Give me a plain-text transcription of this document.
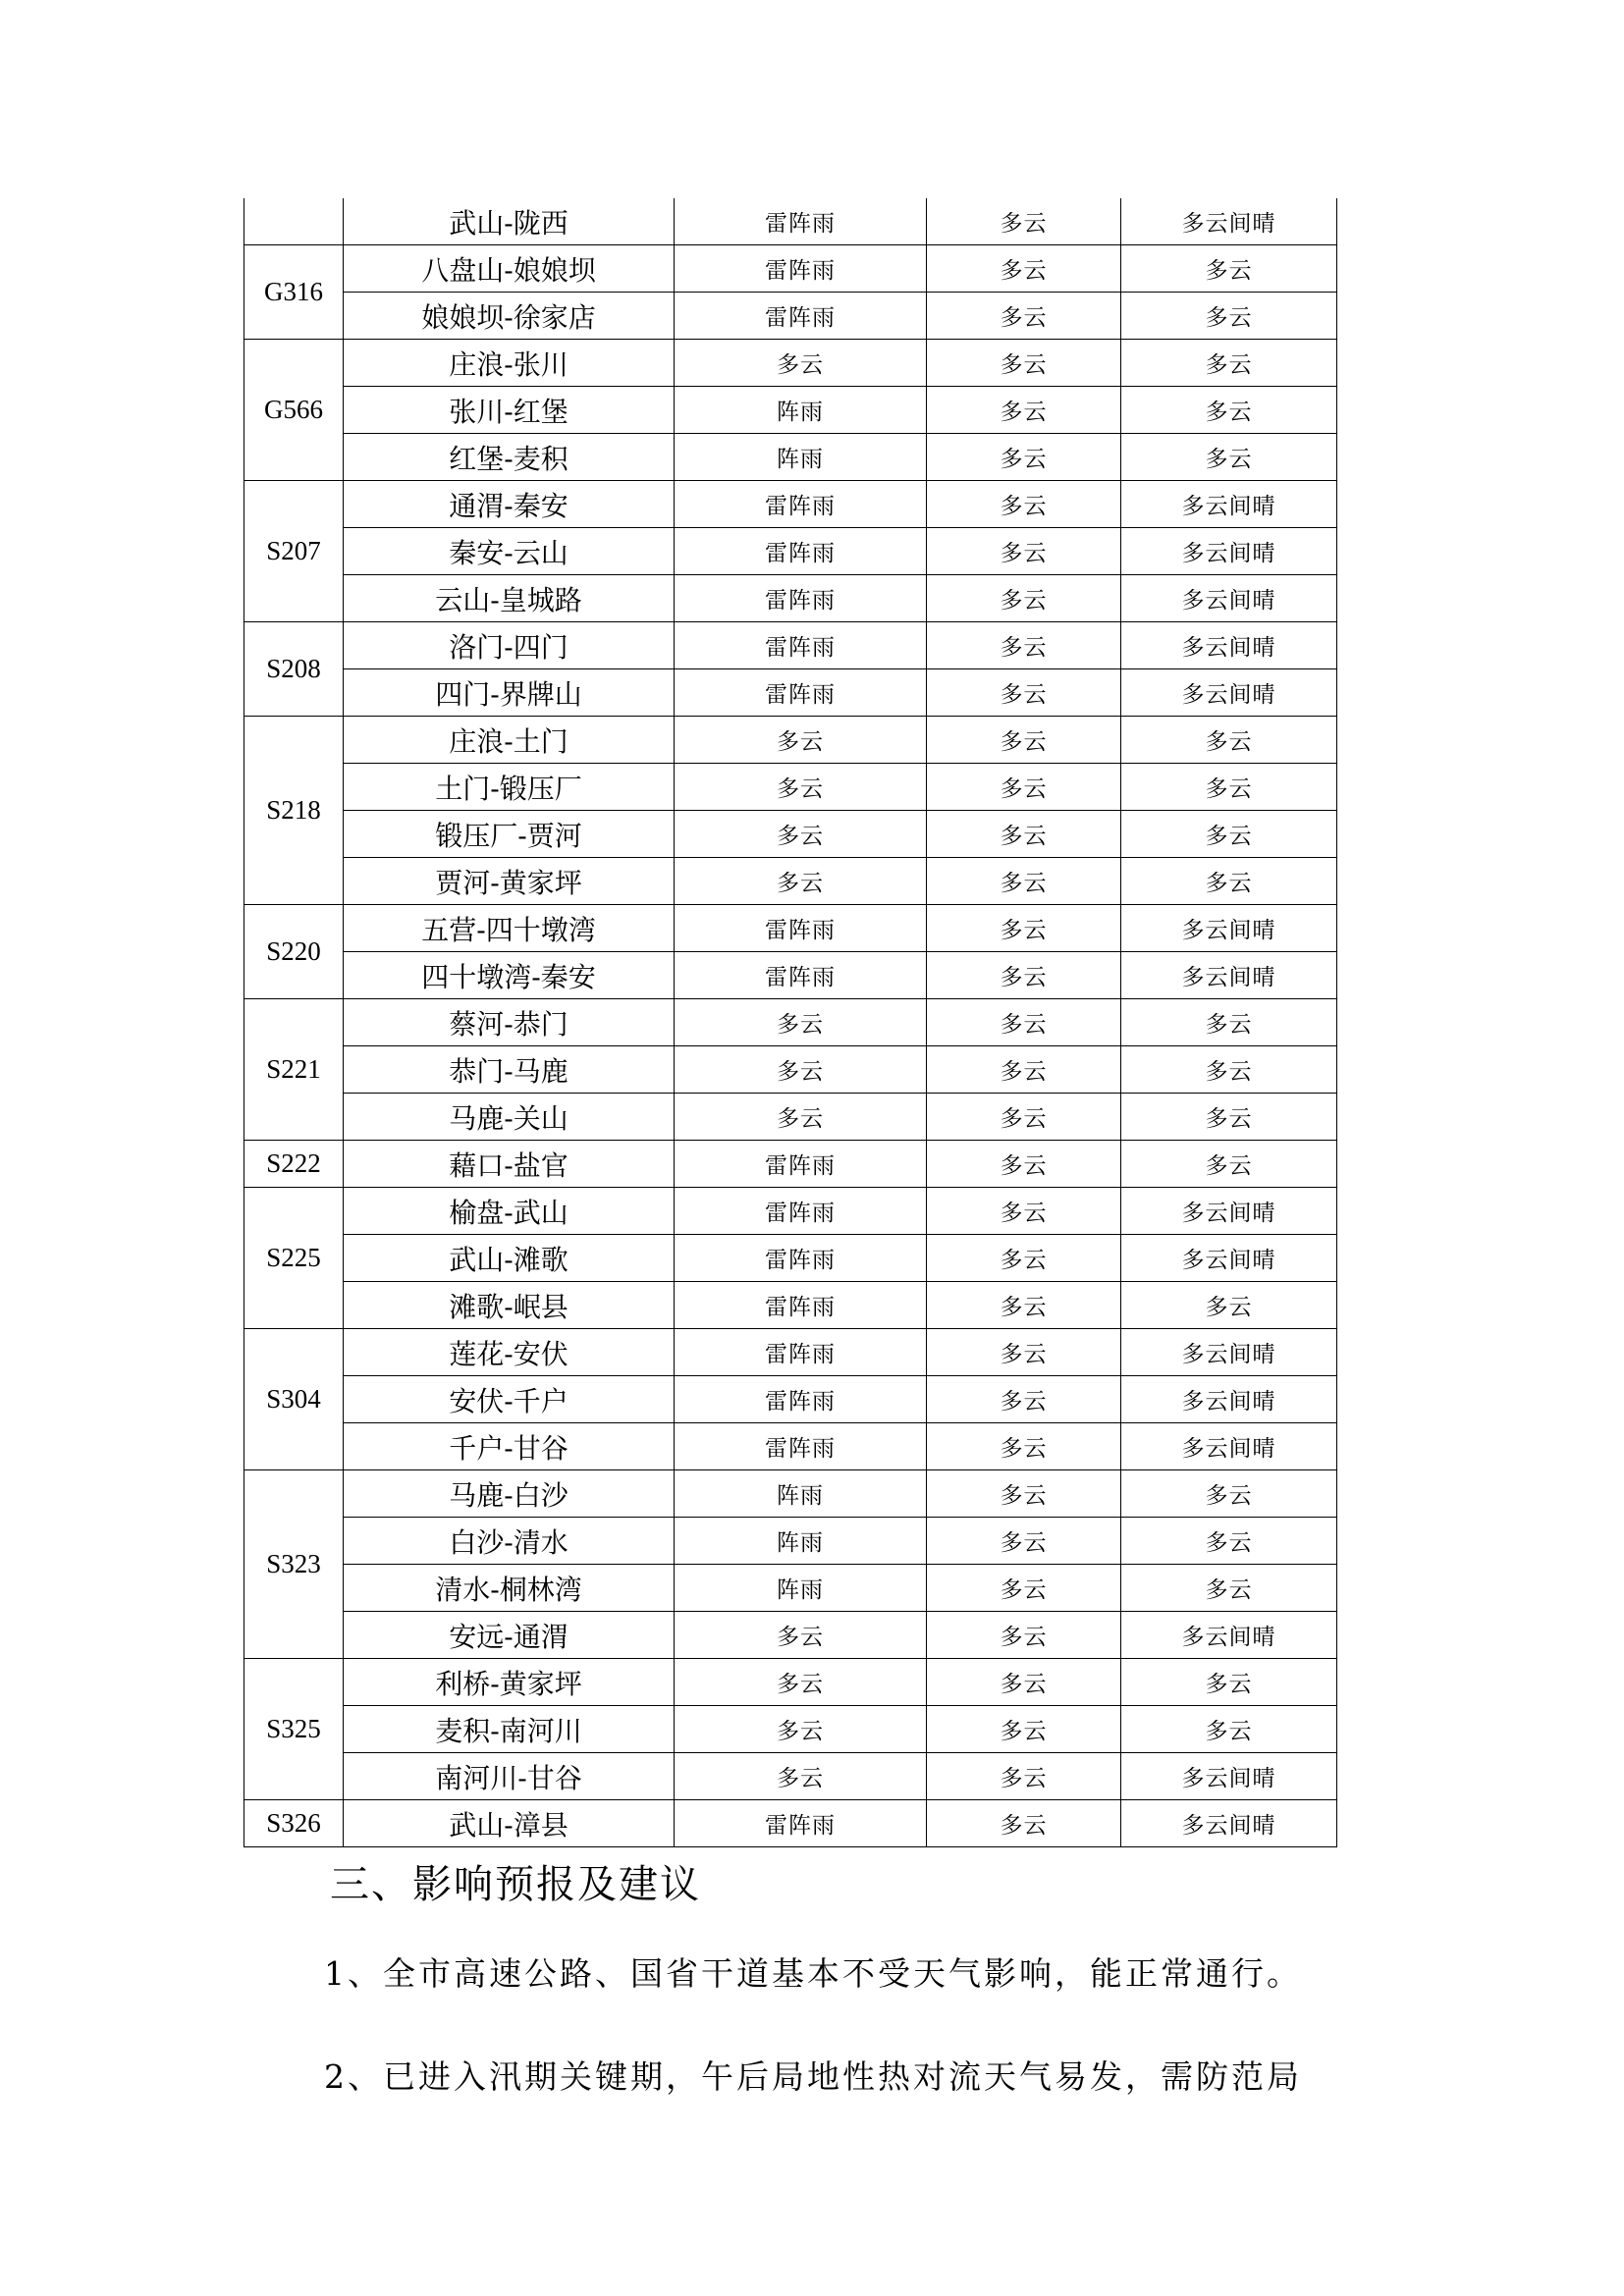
	武山-陇西	雷阵雨	多云	多云间晴
G316	八盘山-娘娘坝	雷阵雨	多云	多云
	娘娘坝-徐家店	雷阵雨	多云	多云
G566	庄浪-张川	多云	多云	多云
	张川-红堡	阵雨	多云	多云
	红堡-麦积	阵雨	多云	多云
S207	通渭-秦安	雷阵雨	多云	多云间晴
	秦安-云山	雷阵雨	多云	多云间晴
	云山-皇城路	雷阵雨	多云	多云间晴
S208	洛门-四门	雷阵雨	多云	多云间晴
	四门-界牌山	雷阵雨	多云	多云间晴
S218	庄浪-土门	多云	多云	多云
	土门-锻压厂	多云	多云	多云
	锻压厂-贾河	多云	多云	多云
	贾河-黄家坪	多云	多云	多云
S220	五营-四十墩湾	雷阵雨	多云	多云间晴
	四十墩湾-秦安	雷阵雨	多云	多云间晴
S221	蔡河-恭门	多云	多云	多云
	恭门-马鹿	多云	多云	多云
	马鹿-关山	多云	多云	多云
S222	藉口-盐官	雷阵雨	多云	多云
S225	榆盘-武山	雷阵雨	多云	多云间晴
	武山-滩歌	雷阵雨	多云	多云间晴
	滩歌-岷县	雷阵雨	多云	多云
S304	莲花-安伏	雷阵雨	多云	多云间晴
	安伏-千户	雷阵雨	多云	多云间晴
	千户-甘谷	雷阵雨	多云	多云间晴
S323	马鹿-白沙	阵雨	多云	多云
	白沙-清水	阵雨	多云	多云
	清水-桐林湾	阵雨	多云	多云
	安远-通渭	多云	多云	多云间晴
S325	利桥-黄家坪	多云	多云	多云
	麦积-南河川	多云	多云	多云
	南河川-甘谷	多云	多云	多云间晴
S326	武山-漳县	雷阵雨	多云	多云间晴
三、影响预报及建议

1、全市高速公路、国省干道基本不受天气影响，能正常通行。

2、已进入汛期关键期，午后局地性热对流天气易发，需防范局
